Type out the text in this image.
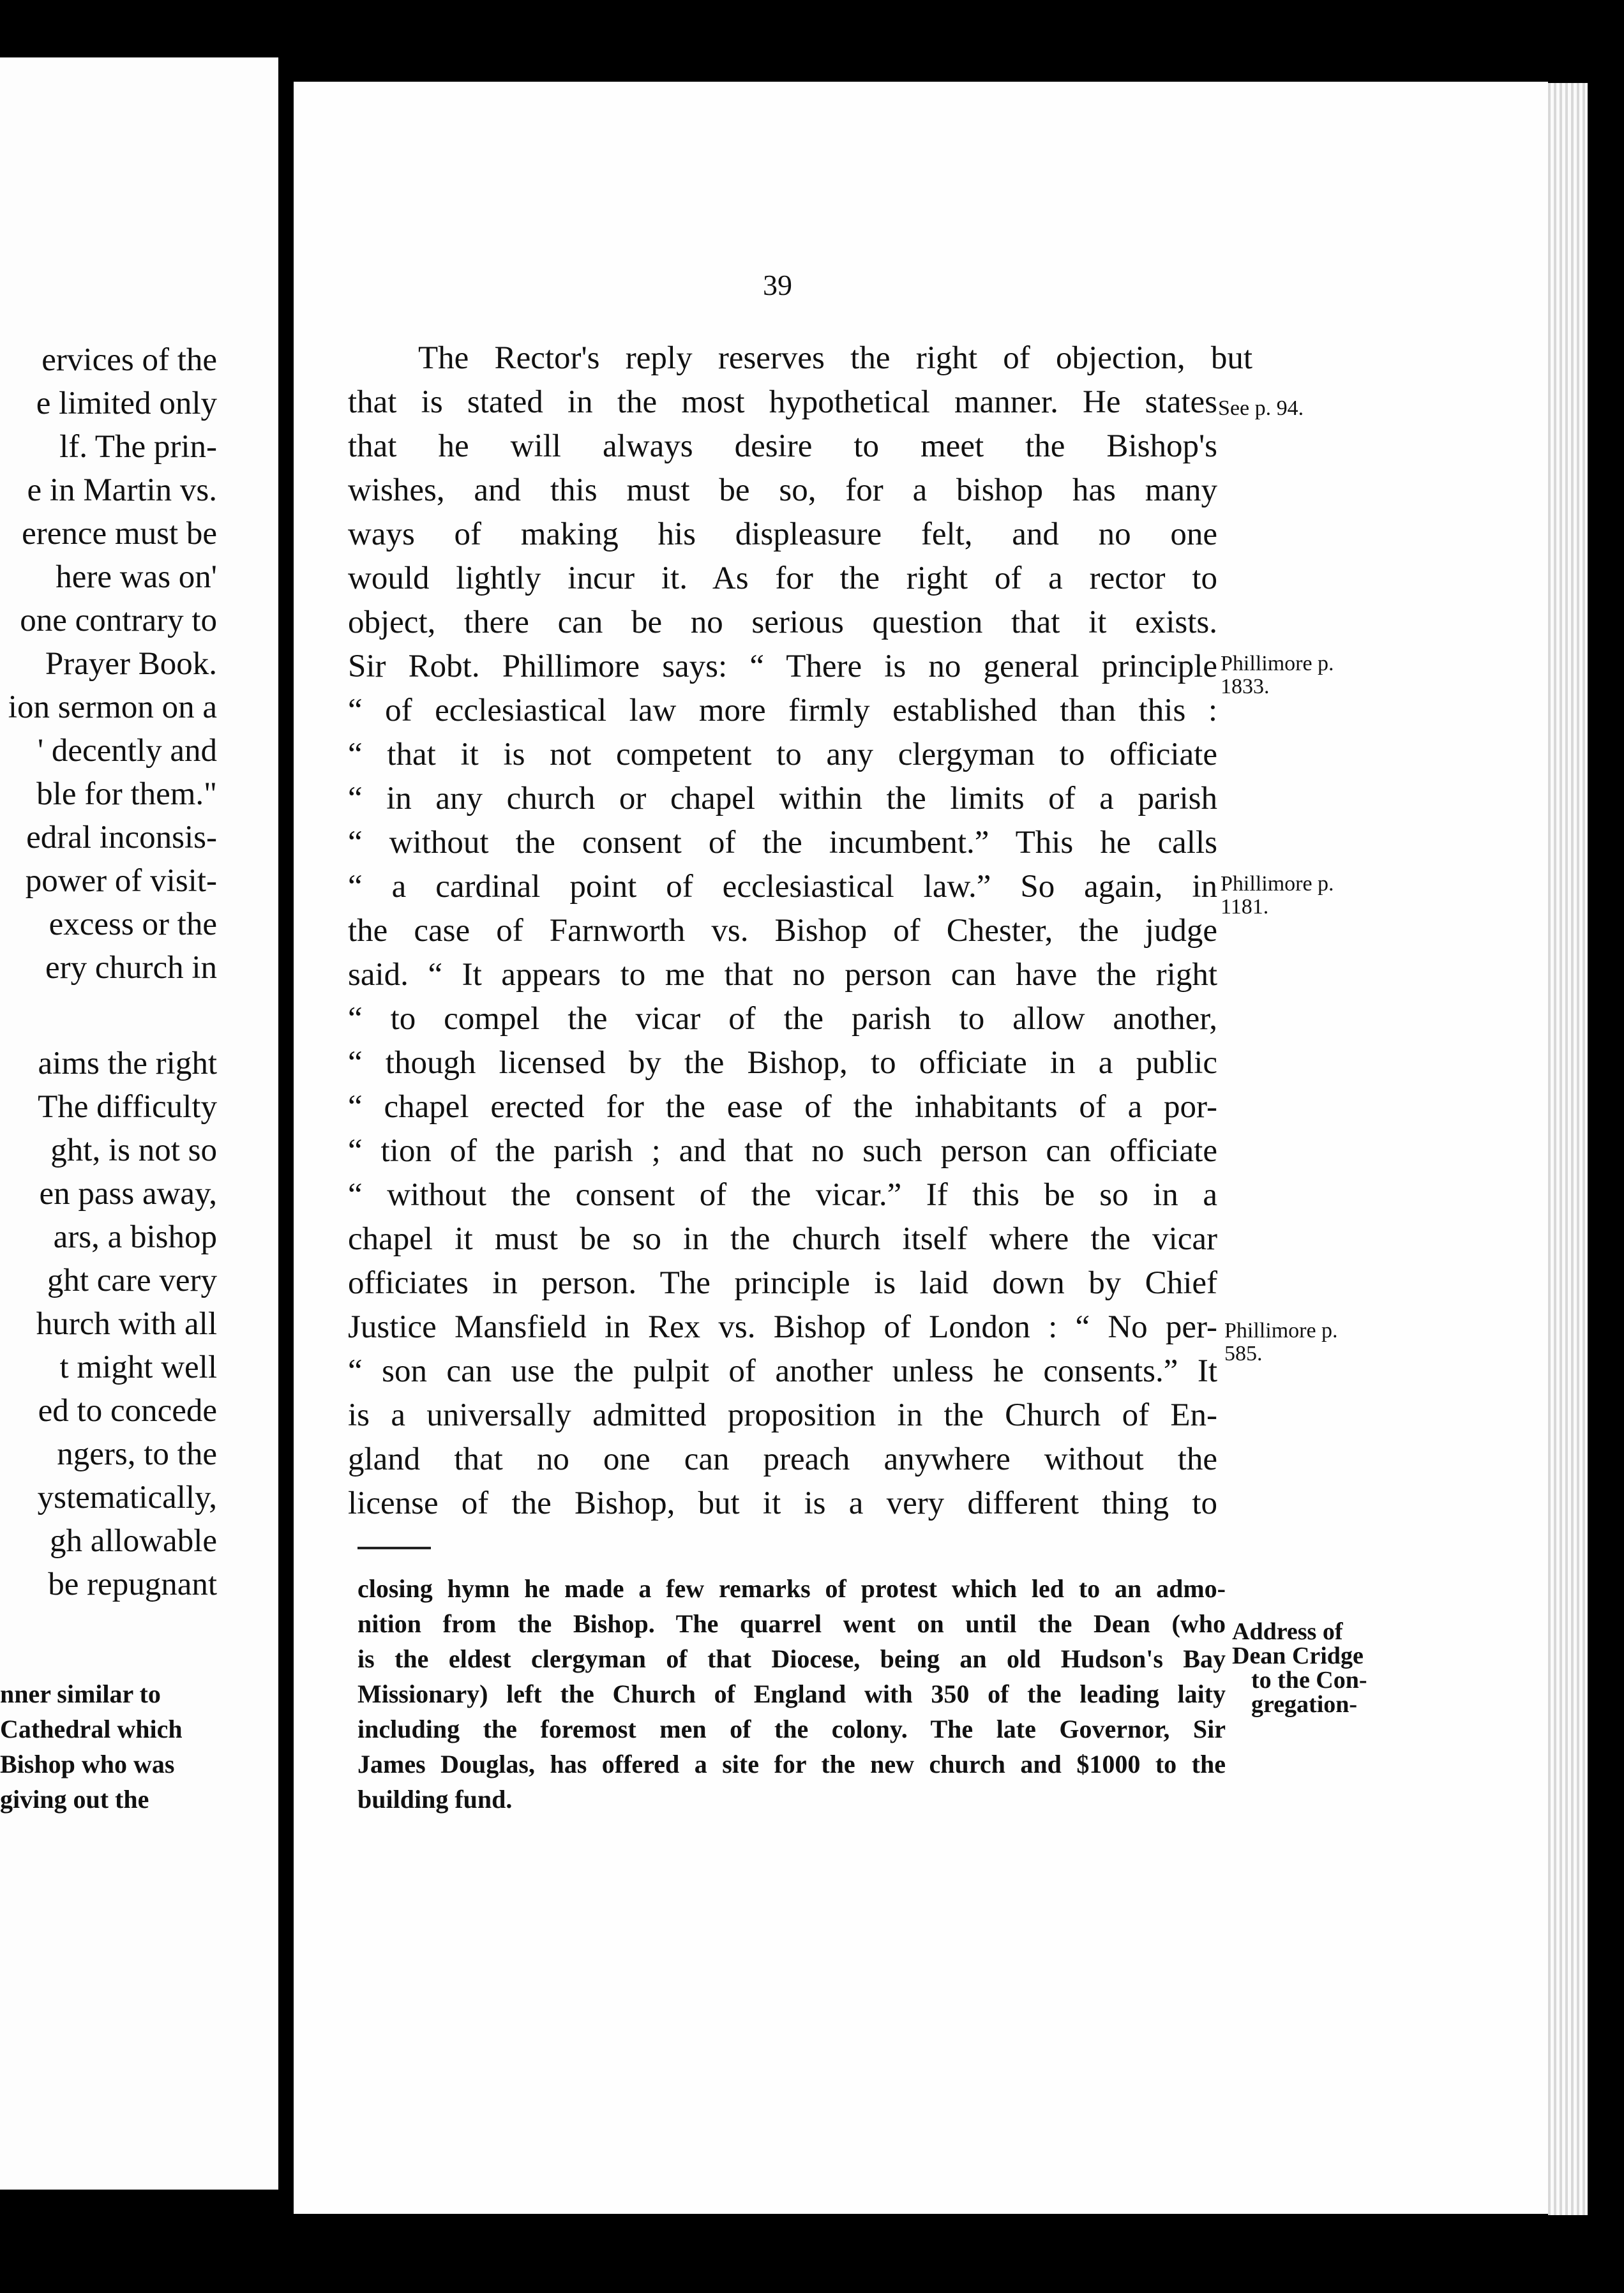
ervices of the
e limited only
lf. The prin-
e in Martin vs.
erence must be
here was on'
one contrary to
Prayer Book.
ion sermon on a
' decently and
ble for them."
edral inconsis-
power of visit-
excess or the
ery church in
aims the right
The difficulty
ght, is not so
en pass away,
ars, a bishop
ght care very
hurch with all
t might well
ed to concede
ngers, to the
ystematically,
gh allowable
be repugnant
nner similar to
Cathedral which
Bishop who was
giving out the
39
The Rector's reply reserves the right of objection, but
that is stated in the most hypothetical manner. He states
that he will always desire to meet the Bishop's
wishes, and this must be so, for a bishop has many
ways of making his displeasure felt, and no one
would lightly incur it. As for the right of a rector to
object, there can be no serious question that it exists.
Sir Robt. Phillimore says: “ There is no general principle
“ of ecclesiastical law more firmly established than this :
“ that it is not competent to any clergyman to officiate
“ in any church or chapel within the limits of a parish
“ without the consent of the incumbent.” This he calls
“ a cardinal point of ecclesiastical law.” So again, in
the case of Farnworth vs. Bishop of Chester, the judge
said. “ It appears to me that no person can have the right
“ to compel the vicar of the parish to allow another,
“ though licensed by the Bishop, to officiate in a public
“ chapel erected for the ease of the inhabitants of a por-
“ tion of the parish ; and that no such person can officiate
“ without the consent of the vicar.” If this be so in a
chapel it must be so in the church itself where the vicar
officiates in person. The principle is laid down by Chief
Justice Mansfield in Rex vs. Bishop of London : “ No per-
“ son can use the pulpit of another unless he consents.” It
is a universally admitted proposition in the Church of En-
gland that no one can preach anywhere without the
license of the Bishop, but it is a very different thing to
See p. 94.
Phillimore p.
1833.
Phillimore p.
1181.
Phillimore p.
585.
closing hymn he made a few remarks of protest which led to an admo-
nition from the Bishop. The quarrel went on until the Dean (who
is the eldest clergyman of that Diocese, being an old Hudson's Bay
Missionary) left the Church of England with 350 of the leading laity
including the foremost men of the colony. The late Governor, Sir
James Douglas, has offered a site for the new church and $1000 to the
building fund.
Address of
Dean Cridge
to the Con-
gregation-
